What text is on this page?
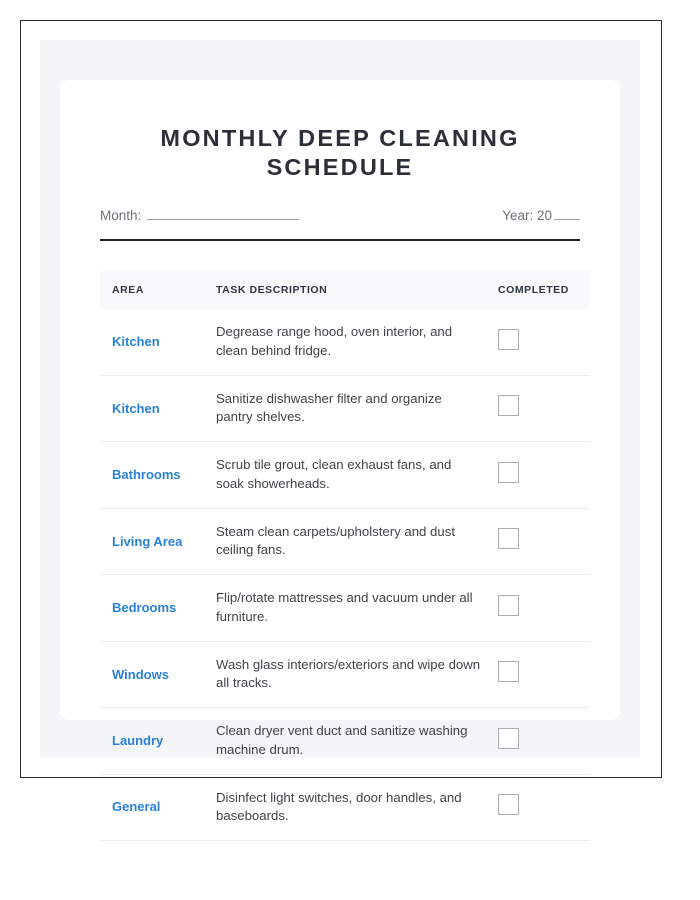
MONTHLY DEEP CLEANING SCHEDULE
Month:	Year: 20
AREA	TASK DESCRIPTION	COMPLETED
Kitchen	Degrease range hood, oven interior, and clean behind fridge.	
Kitchen	Sanitize dishwasher filter and organize pantry shelves.	
Bathrooms	Scrub tile grout, clean exhaust fans, and soak showerheads.	
Living Area	Steam clean carpets/upholstery and dust ceiling fans.	
Bedrooms	Flip/rotate mattresses and vacuum under all furniture.	
Windows	Wash glass interiors/exteriors and wipe down all tracks.	
Laundry	Clean dryer vent duct and sanitize washing machine drum.	
General	Disinfect light switches, door handles, and baseboards.	
